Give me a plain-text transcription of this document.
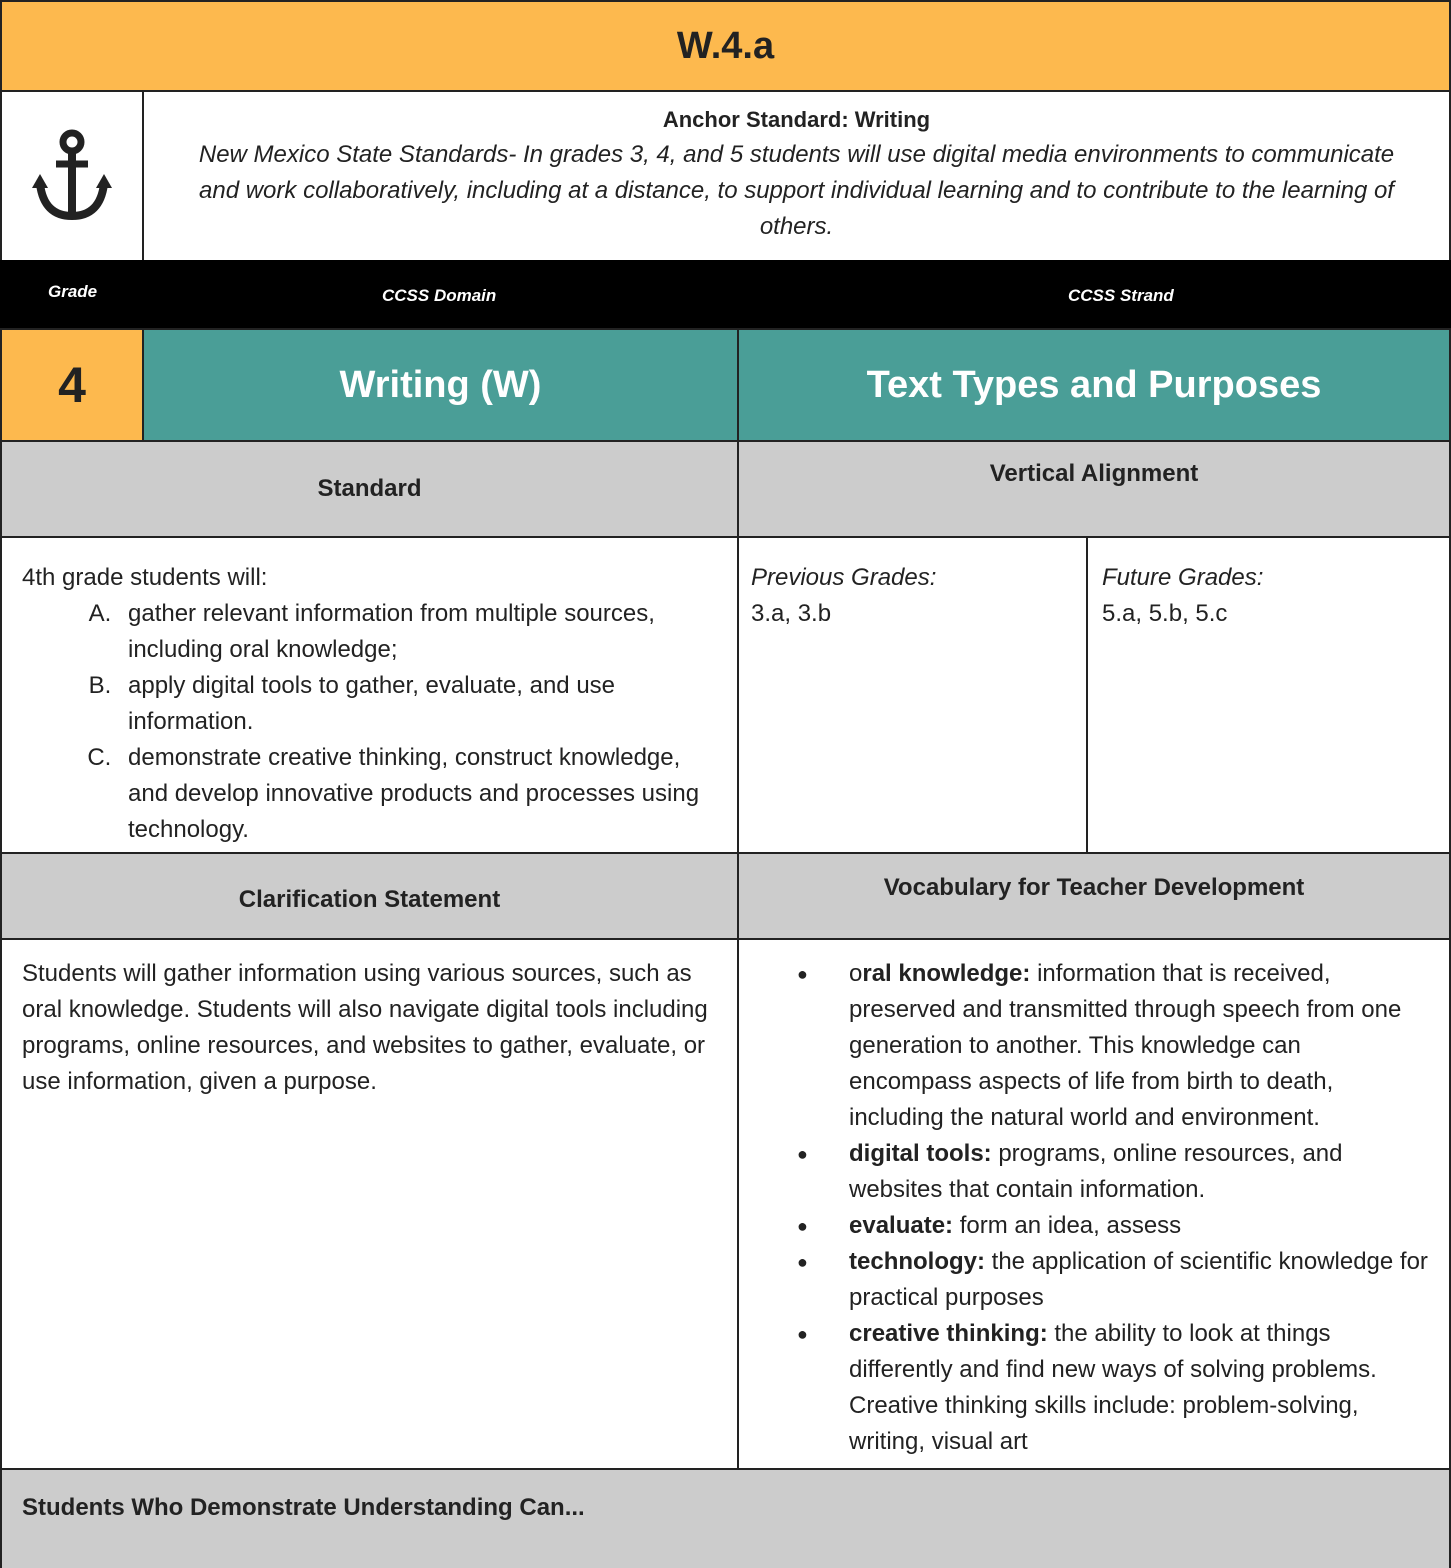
W.4.a
Anchor Standard: Writing
New Mexico State Standards- In grades 3, 4, and 5 students will use digital media environments to communicate and work collaboratively, including at a distance, to support individual learning and to contribute to the learning of others.
Grade	CCSS Domain	CCSS Strand
4	Writing (W)	Text Types and Purposes
Standard
Vertical Alignment
4th grade students will:
A. gather relevant information from multiple sources, including oral knowledge;
B. apply digital tools to gather, evaluate, and use information.
C. demonstrate creative thinking, construct knowledge, and develop innovative products and processes using technology.
Previous Grades:
3.a, 3.b
Future Grades:
5.a, 5.b, 5.c
Clarification Statement	Vocabulary for Teacher Development
Students will gather information using various sources, such as oral knowledge. Students will also navigate digital tools including programs, online resources, and websites to gather, evaluate, or use information, given a purpose.
● oral knowledge: information that is received, preserved and transmitted through speech from one generation to another. This knowledge can encompass aspects of life from birth to death, including the natural world and environment.
● digital tools: programs, online resources, and websites that contain information.
● evaluate: form an idea, assess
● technology: the application of scientific knowledge for practical purposes
● creative thinking: the ability to look at things differently and find new ways of solving problems. Creative thinking skills include: problem-solving, writing, visual art
Students Who Demonstrate Understanding Can...
